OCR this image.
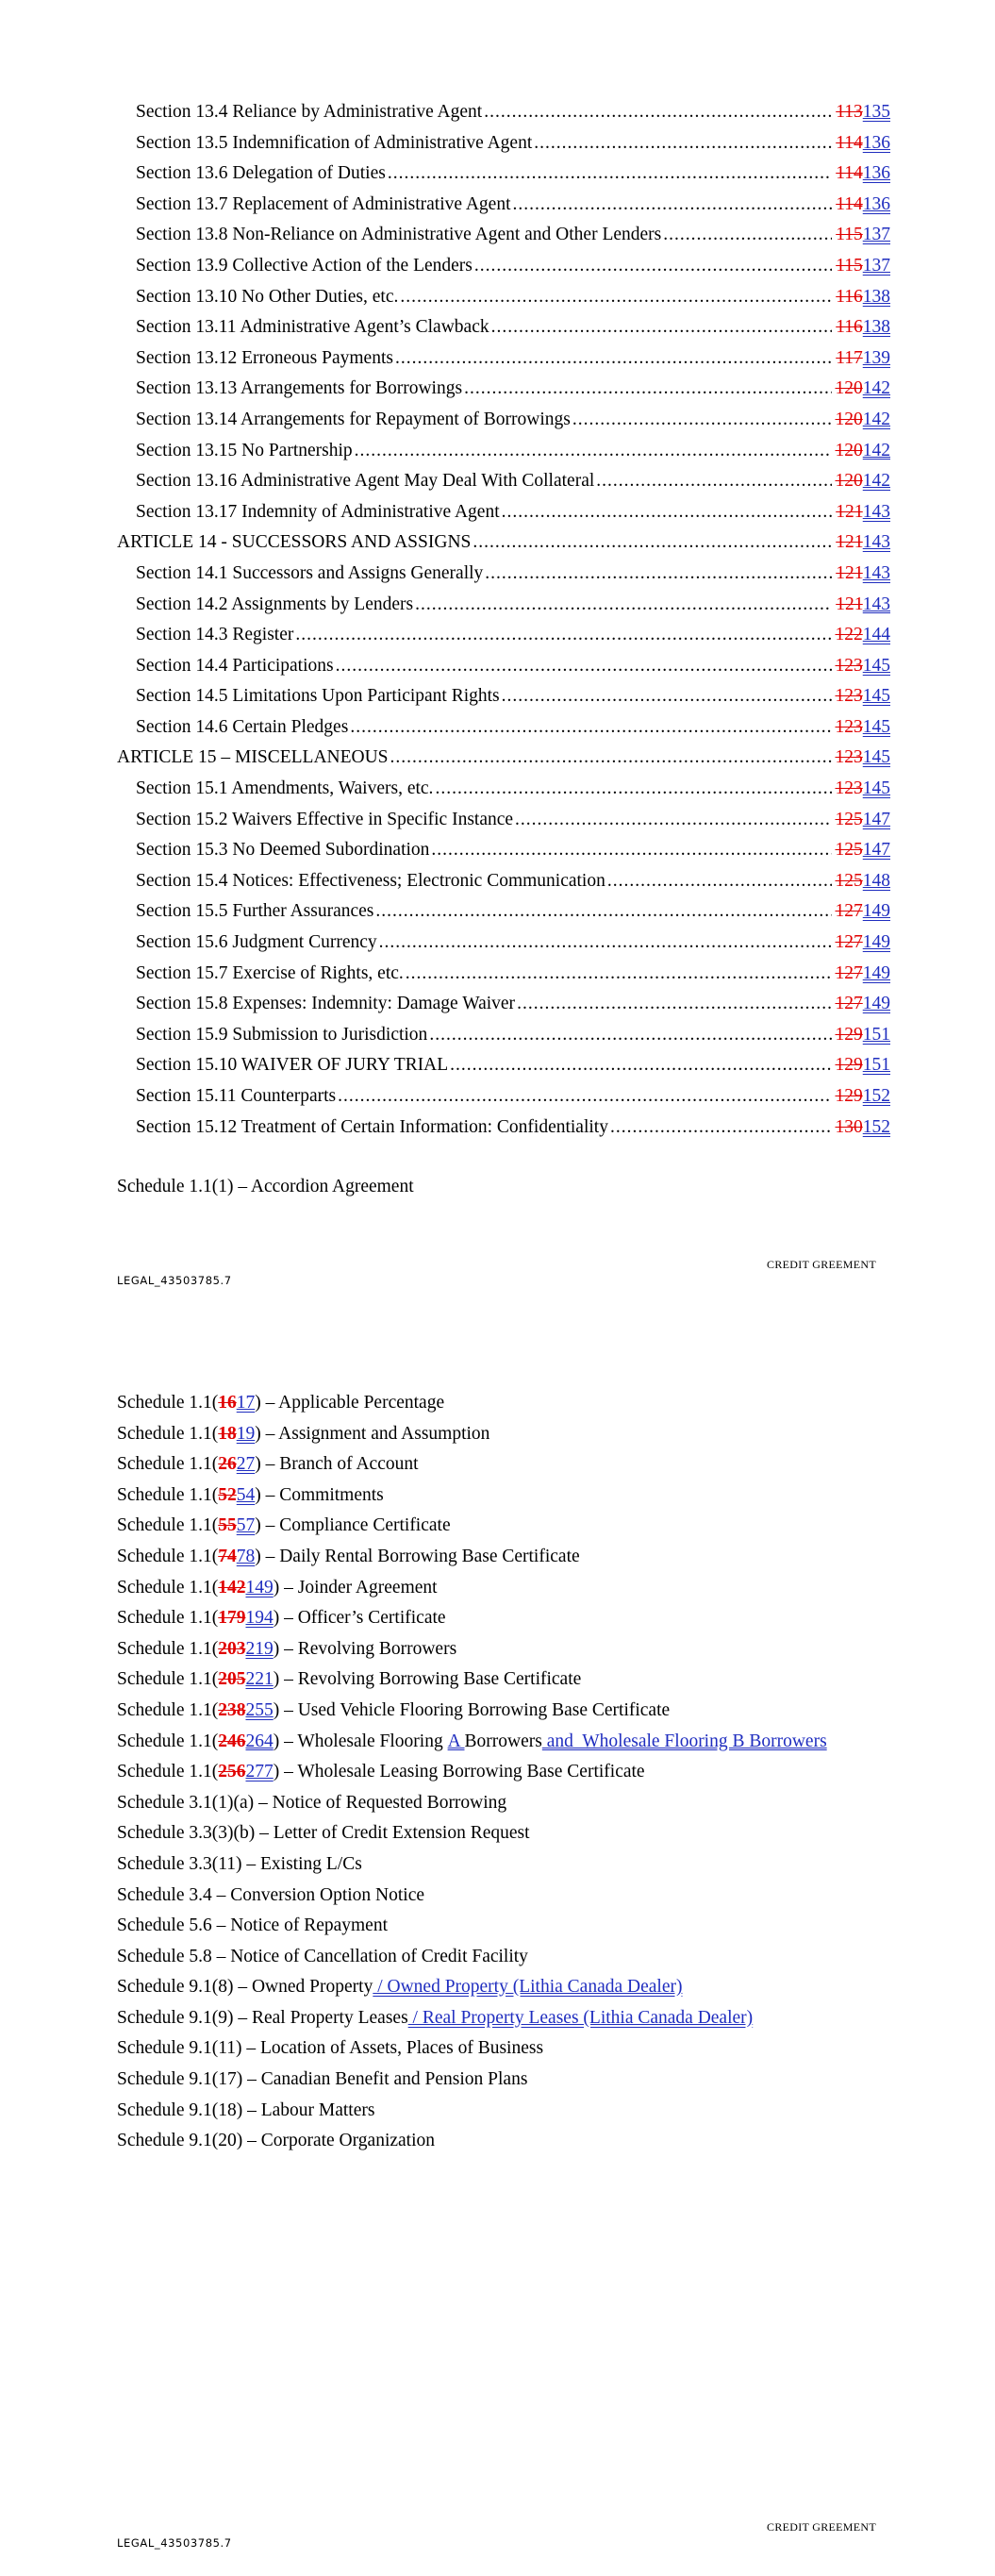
Section 13.4 Reliance by Administrative Agent .....	113135
Section 13.5 Indemnification of Administrative Agent .....	114136
Section 13.6 Delegation of Duties .....	114136
Section 13.7 Replacement of Administrative Agent .....	114136
Section 13.8 Non-Reliance on Administrative Agent and Other Lenders .....	115137
Section 13.9 Collective Action of the Lenders .....	115137
Section 13.10 No Other Duties, etc. .....	116138
Section 13.11 Administrative Agent’s Clawback .....	116138
Section 13.12 Erroneous Payments .....	117139
Section 13.13 Arrangements for Borrowings .....	120142
Section 13.14 Arrangements for Repayment of Borrowings .....	120142
Section 13.15 No Partnership .....	120142
Section 13.16 Administrative Agent May Deal With Collateral .....	120142
Section 13.17 Indemnity of Administrative Agent .....	121143
ARTICLE 14 - SUCCESSORS AND ASSIGNS .....	121143
Section 14.1 Successors and Assigns Generally .....	121143
Section 14.2 Assignments by Lenders .....	121143
Section 14.3 Register .....	122144
Section 14.4 Participations .....	123145
Section 14.5 Limitations Upon Participant Rights .....	123145
Section 14.6 Certain Pledges .....	123145
ARTICLE 15 – MISCELLANEOUS .....	123145
Section 15.1 Amendments, Waivers, etc. .....	123145
Section 15.2 Waivers Effective in Specific Instance .....	125147
Section 15.3 No Deemed Subordination .....	125147
Section 15.4 Notices: Effectiveness; Electronic Communication .....	125148
Section 15.5 Further Assurances .....	127149
Section 15.6 Judgment Currency .....	127149
Section 15.7 Exercise of Rights, etc. .....	127149
Section 15.8 Expenses: Indemnity: Damage Waiver .....	127149
Section 15.9 Submission to Jurisdiction .....	129151
Section 15.10 WAIVER OF JURY TRIAL .....	129151
Section 15.11 Counterparts .....	129152
Section 15.12 Treatment of Certain Information: Confidentiality .....	130152
Schedule 1.1(1) – Accordion Agreement
CREDIT GREEMENT
LEGAL_43503785.7
Schedule 1.1( 16 17 ) – Applicable Percentage
Schedule 1.1( 18 19 ) – Assignment and Assumption
Schedule 1.1( 26 27 ) – Branch of Account
Schedule 1.1( 52 54 ) – Commitments
Schedule 1.1( 55 57 ) – Compliance Certificate
Schedule 1.1( 74 78 ) – Daily Rental Borrowing Base Certificate
Schedule 1.1( 142 149 ) – Joinder Agreement
Schedule 1.1( 179 194 ) – Officer’s Certificate
Schedule 1.1( 203 219 ) – Revolving Borrowers
Schedule 1.1( 205 221 ) – Revolving Borrowing Base Certificate
Schedule 1.1( 238 255 ) – Used Vehicle Flooring Borrowing Base Certificate
Schedule 1.1( 246 264 ) – Wholesale Flooring A Borrowers and  Wholesale Flooring B Borrowers
Schedule 1.1( 256 277 ) – Wholesale Leasing Borrowing Base Certificate
Schedule 3.1(1)(a) – Notice of Requested Borrowing
Schedule 3.3(3)(b) – Letter of Credit Extension Request
Schedule 3.3(11) – Existing L/Cs
Schedule 3.4 – Conversion Option Notice
Schedule 5.6 – Notice of Repayment
Schedule 5.8 – Notice of Cancellation of Credit Facility
Schedule 9.1(8) – Owned Property / Owned Property (Lithia Canada Dealer)
Schedule 9.1(9) – Real Property Leases / Real Property Leases (Lithia Canada Dealer)
Schedule 9.1(11) – Location of Assets, Places of Business
Schedule 9.1(17) – Canadian Benefit and Pension Plans
Schedule 9.1(18) – Labour Matters
Schedule 9.1(20) – Corporate Organization
CREDIT GREEMENT
LEGAL_43503785.7
